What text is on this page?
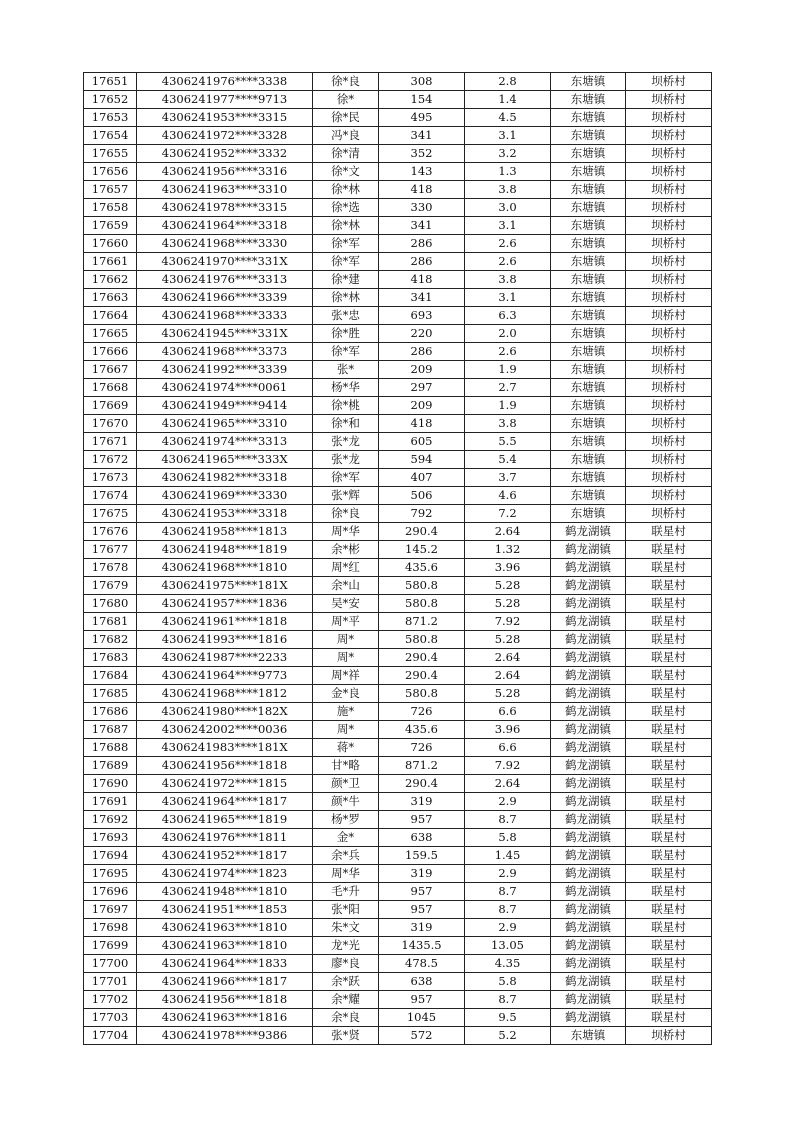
17651	4306241976****3338	徐*良	308	2.8	东塘镇	坝桥村
17652	4306241977****9713	徐*	154	1.4	东塘镇	坝桥村
17653	4306241953****3315	徐*民	495	4.5	东塘镇	坝桥村
17654	4306241972****3328	冯*良	341	3.1	东塘镇	坝桥村
17655	4306241952****3332	徐*清	352	3.2	东塘镇	坝桥村
17656	4306241956****3316	徐*文	143	1.3	东塘镇	坝桥村
17657	4306241963****3310	徐*林	418	3.8	东塘镇	坝桥村
17658	4306241978****3315	徐*选	330	3.0	东塘镇	坝桥村
17659	4306241964****3318	徐*林	341	3.1	东塘镇	坝桥村
17660	4306241968****3330	徐*军	286	2.6	东塘镇	坝桥村
17661	4306241970****331X	徐*军	286	2.6	东塘镇	坝桥村
17662	4306241976****3313	徐*建	418	3.8	东塘镇	坝桥村
17663	4306241966****3339	徐*林	341	3.1	东塘镇	坝桥村
17664	4306241968****3333	张*忠	693	6.3	东塘镇	坝桥村
17665	4306241945****331X	徐*胜	220	2.0	东塘镇	坝桥村
17666	4306241968****3373	徐*军	286	2.6	东塘镇	坝桥村
17667	4306241992****3339	张*	209	1.9	东塘镇	坝桥村
17668	4306241974****0061	杨*华	297	2.7	东塘镇	坝桥村
17669	4306241949****9414	徐*桃	209	1.9	东塘镇	坝桥村
17670	4306241965****3310	徐*和	418	3.8	东塘镇	坝桥村
17671	4306241974****3313	张*龙	605	5.5	东塘镇	坝桥村
17672	4306241965****333X	张*龙	594	5.4	东塘镇	坝桥村
17673	4306241982****3318	徐*军	407	3.7	东塘镇	坝桥村
17674	4306241969****3330	张*辉	506	4.6	东塘镇	坝桥村
17675	4306241953****3318	徐*良	792	7.2	东塘镇	坝桥村
17676	4306241958****1813	周*华	290.4	2.64	鹤龙湖镇	联星村
17677	4306241948****1819	余*彬	145.2	1.32	鹤龙湖镇	联星村
17678	4306241968****1810	周*红	435.6	3.96	鹤龙湖镇	联星村
17679	4306241975****181X	余*山	580.8	5.28	鹤龙湖镇	联星村
17680	4306241957****1836	吴*安	580.8	5.28	鹤龙湖镇	联星村
17681	4306241961****1818	周*平	871.2	7.92	鹤龙湖镇	联星村
17682	4306241993****1816	周*	580.8	5.28	鹤龙湖镇	联星村
17683	4306241987****2233	周*	290.4	2.64	鹤龙湖镇	联星村
17684	4306241964****9773	周*祥	290.4	2.64	鹤龙湖镇	联星村
17685	4306241968****1812	金*良	580.8	5.28	鹤龙湖镇	联星村
17686	4306241980****182X	施*	726	6.6	鹤龙湖镇	联星村
17687	4306242002****0036	周*	435.6	3.96	鹤龙湖镇	联星村
17688	4306241983****181X	蒋*	726	6.6	鹤龙湖镇	联星村
17689	4306241956****1818	甘*略	871.2	7.92	鹤龙湖镇	联星村
17690	4306241972****1815	颜*卫	290.4	2.64	鹤龙湖镇	联星村
17691	4306241964****1817	颜*牛	319	2.9	鹤龙湖镇	联星村
17692	4306241965****1819	杨*罗	957	8.7	鹤龙湖镇	联星村
17693	4306241976****1811	金*	638	5.8	鹤龙湖镇	联星村
17694	4306241952****1817	余*兵	159.5	1.45	鹤龙湖镇	联星村
17695	4306241974****1823	周*华	319	2.9	鹤龙湖镇	联星村
17696	4306241948****1810	毛*升	957	8.7	鹤龙湖镇	联星村
17697	4306241951****1853	张*阳	957	8.7	鹤龙湖镇	联星村
17698	4306241963****1810	朱*文	319	2.9	鹤龙湖镇	联星村
17699	4306241963****1810	龙*光	1435.5	13.05	鹤龙湖镇	联星村
17700	4306241964****1833	廖*良	478.5	4.35	鹤龙湖镇	联星村
17701	4306241966****1817	余*跃	638	5.8	鹤龙湖镇	联星村
17702	4306241956****1818	余*耀	957	8.7	鹤龙湖镇	联星村
17703	4306241963****1816	余*良	1045	9.5	鹤龙湖镇	联星村
17704	4306241978****9386	张*贤	572	5.2	东塘镇	坝桥村
